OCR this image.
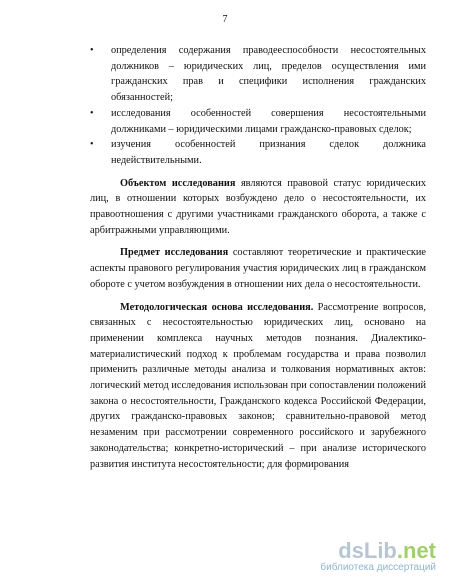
7
• определения содержания праводееспособности несостоятельных должников – юридических лиц, пределов осуществления ими гражданских прав и специфики исполнения гражданских обязанностей;
• исследования особенностей совершения несостоятельными должниками – юридическими лицами гражданско-правовых сделок;
• изучения особенностей признания сделок должника недействительными.
Объектом исследования являются правовой статус юридических лиц, в отношении которых возбуждено дело о несостоятельности, их правоотношения с другими участниками гражданского оборота, а также с арбитражными управляющими.
Предмет исследования составляют теоретические и практические аспекты правового регулирования участия юридических лиц в гражданском обороте с учетом возбуждения в отношении них дела о несостоятельности.
Методологическая основа исследования. Рассмотрение вопросов, связанных с несостоятельностью юридических лиц, основано на применении комплекса научных методов познания. Диалектико-материалистический подход к проблемам государства и права позволил применить различные методы анализа и толкования нормативных актов: логический метод исследования использован при сопоставлении положений закона о несостоятельности, Гражданского кодекса Российской Федерации, других гражданско-правовых законов; сравнительно-правовой метод незаменим при рассмотрении современного российского и зарубежного законодательства; конкретно-исторический – при анализе исторического развития института несостоятельности; для формирования
dsLib.net
библиотека диссертаций
